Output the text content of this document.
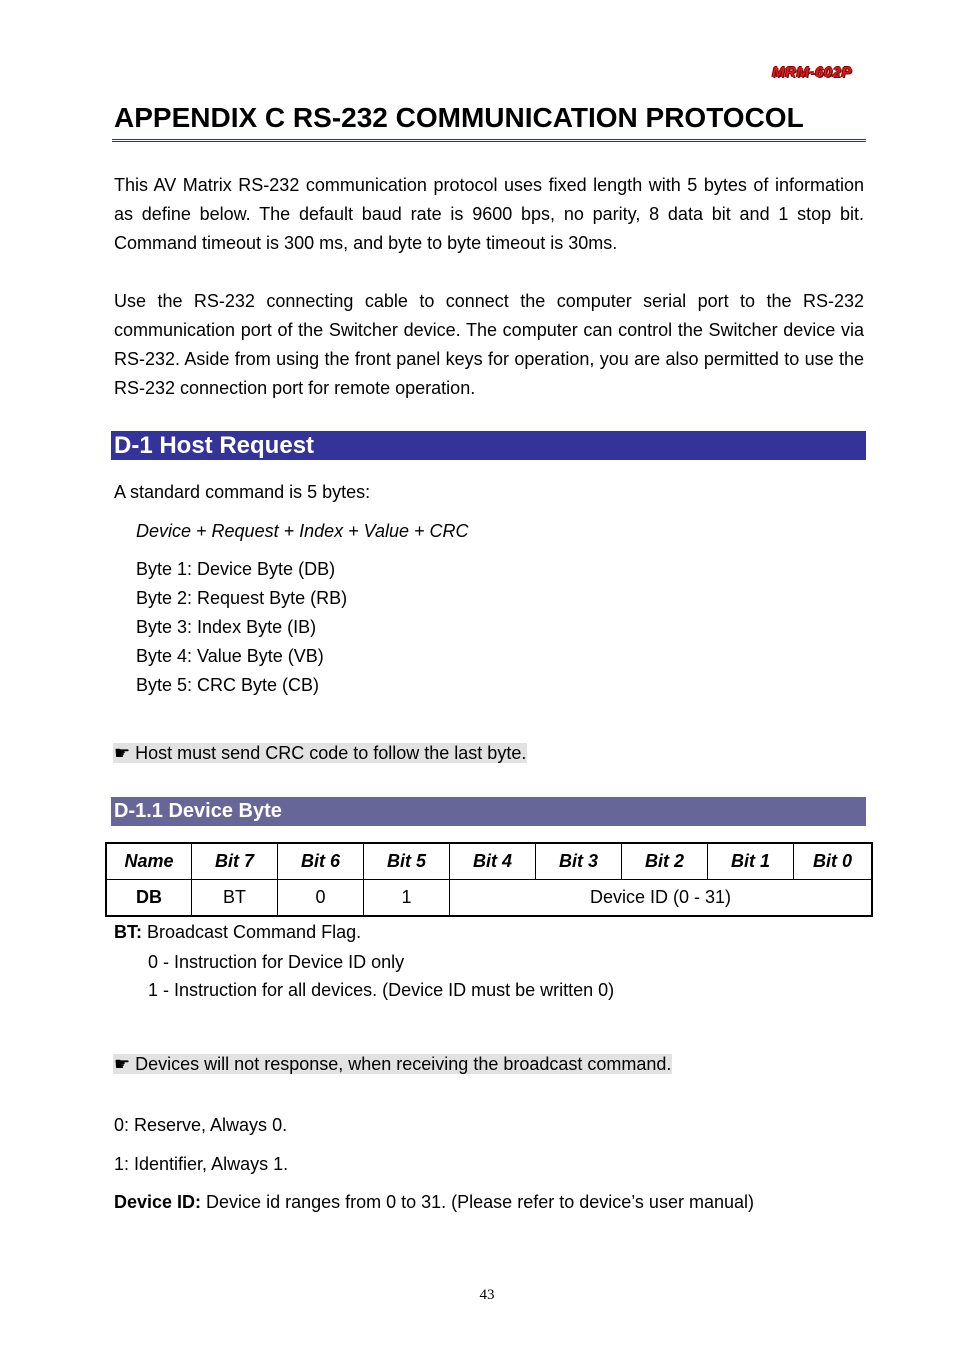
MRM-602P
APPENDIX C RS-232 COMMUNICATION PROTOCOL
This AV Matrix RS-232 communication protocol uses fixed length with 5 bytes of information as define below. The default baud rate is 9600 bps, no parity, 8 data bit and 1 stop bit. Command timeout is 300 ms, and byte to byte timeout is 30ms.
Use the RS-232 connecting cable to connect the computer serial port to the RS-232 communication port of the Switcher device. The computer can control the Switcher device via RS-232. Aside from using the front panel keys for operation, you are also permitted to use the RS-232 connection port for remote operation.
D-1 Host Request
A standard command is 5 bytes:
Device + Request + Index + Value + CRC
Byte 1: Device Byte (DB)
Byte 2: Request Byte (RB)
Byte 3: Index Byte (IB)
Byte 4: Value Byte (VB)
Byte 5: CRC Byte (CB)
☛ Host must send CRC code to follow the last byte.
D-1.1 Device Byte
Name	Bit 7	Bit 6	Bit 5	Bit 4	Bit 3	Bit 2	Bit 1	Bit 0
DB	BT	0	1	Device ID (0 - 31)				
BT: Broadcast Command Flag.
0 - Instruction for Device ID only
1 - Instruction for all devices. (Device ID must be written 0)
☛ Devices will not response, when receiving the broadcast command.
0: Reserve, Always 0.
1: Identifier, Always 1.
Device ID: Device id ranges from 0 to 31. (Please refer to device’s user manual)
43
